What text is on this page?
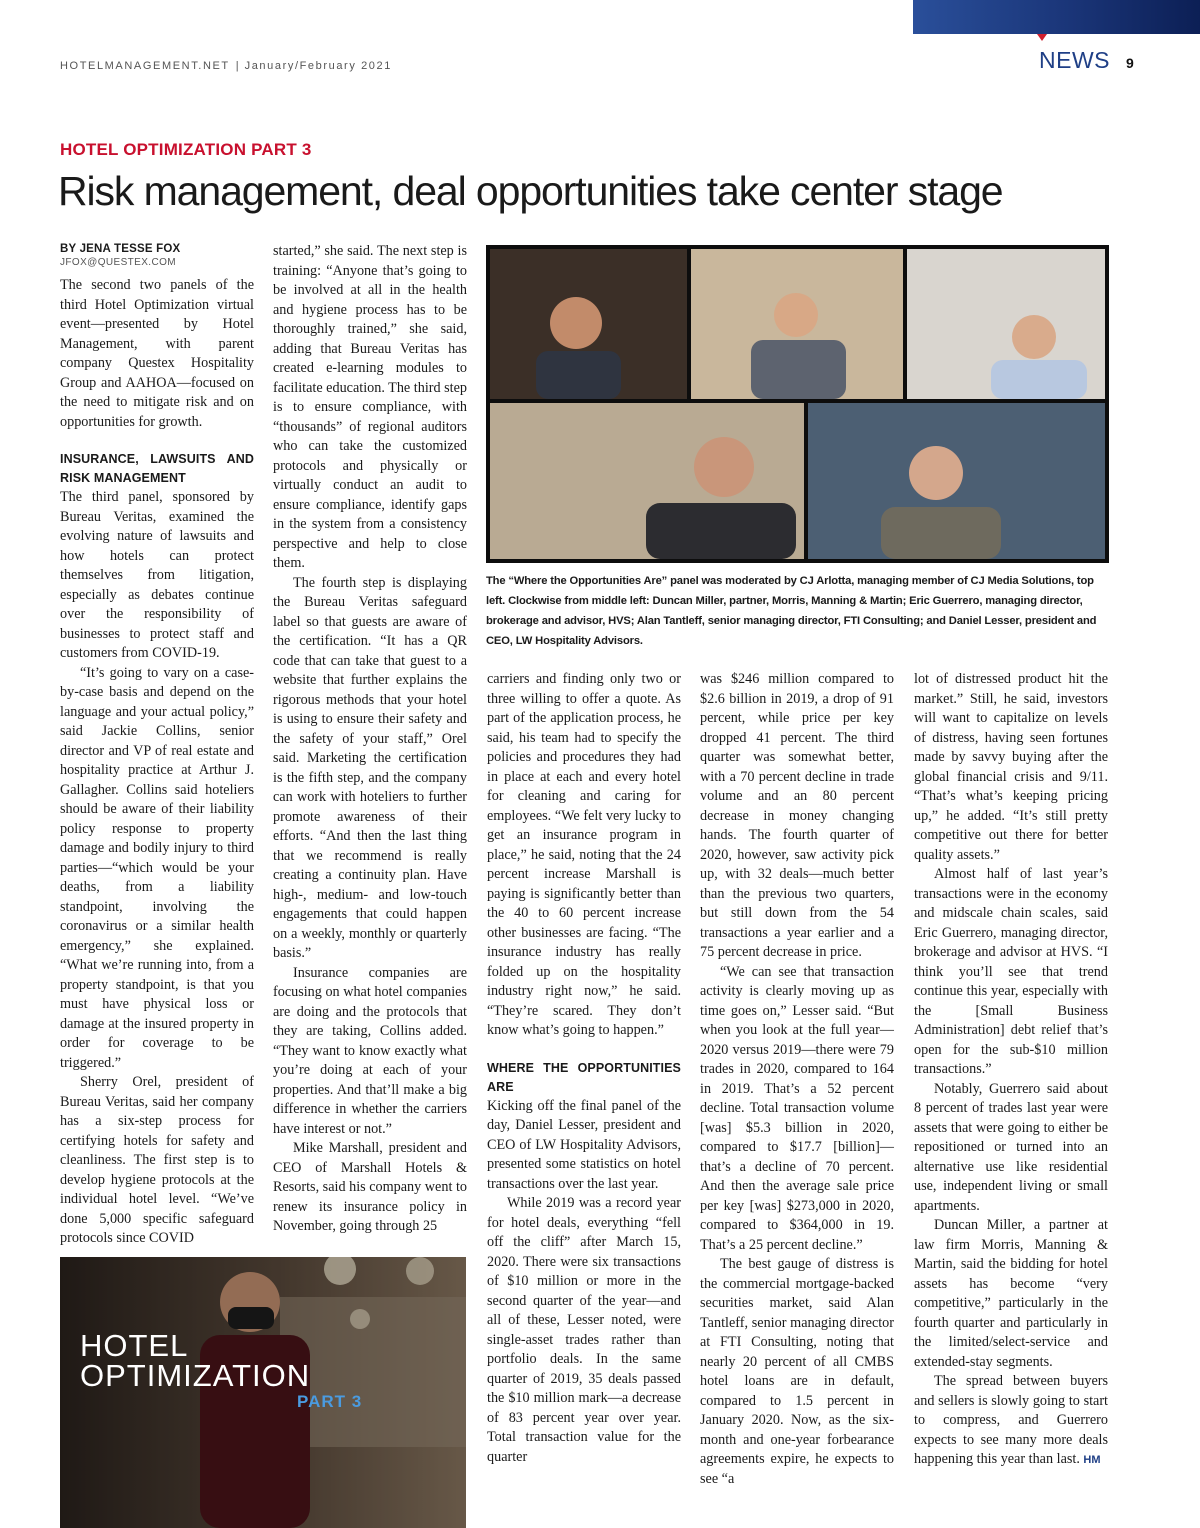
HOTELMANAGEMENT.NET | January/February 2021	NEWS 9
HOTEL OPTIMIZATION PART 3
Risk management, deal opportunities take center stage
BY JENA TESSE FOX
JFOX@QUESTEX.COM

The second two panels of the third Hotel Optimization virtual event—presented by Hotel Management, with parent company Questex Hospitality Group and AAHOA—focused on the need to mitigate risk and on opportunities for growth.

INSURANCE, LAWSUITS AND RISK MANAGEMENT

The third panel, sponsored by Bureau Veritas, examined the evolving nature of lawsuits and how hotels can protect themselves from litigation, especially as debates continue over the responsibility of businesses to protect staff and customers from COVID-19.

“It’s going to vary on a case-by-case basis and depend on the language and your actual policy,” said Jackie Collins, senior director and VP of real estate and hospitality practice at Arthur J. Gallagher. Collins said hoteliers should be aware of their liability policy response to property damage and bodily injury to third parties—“which would be your deaths, from a liability standpoint, involving the coronavirus or a similar health emergency,” she explained. “What we’re running into, from a property standpoint, is that you must have physical loss or damage at the insured property in order for coverage to be triggered.”

Sherry Orel, president of Bureau Veritas, said her company has a six-step process for certifying hotels for safety and cleanliness. The first step is to develop hygiene protocols at the individual hotel level. “We’ve done 5,000 specific safeguard protocols since COVID

started,” she said. The next step is training: “Anyone that’s going to be involved at all in the health and hygiene process has to be thoroughly trained,” she said, adding that Bureau Veritas has created e-learning modules to facilitate education. The third step is to ensure compliance, with “thousands” of regional auditors who can take the customized protocols and physically or virtually conduct an audit to ensure compliance, identify gaps in the system from a consistency perspective and help to close them.

The fourth step is displaying the Bureau Veritas safeguard label so that guests are aware of the certification. “It has a QR code that can take that guest to a website that further explains the rigorous methods that your hotel is using to ensure their safety and the safety of your staff,” Orel said. Marketing the certification is the fifth step, and the company can work with hoteliers to further promote awareness of their efforts. “And then the last thing that we recommend is really creating a continuity plan. Have high-, medium- and low-touch engagements that could happen on a weekly, monthly or quarterly basis.”

Insurance companies are focusing on what hotel companies are doing and the protocols that they are taking, Collins added. “They want to know exactly what you’re doing at each of your properties. And that’ll make a big difference in whether the carriers have interest or not.”

Mike Marshall, president and CEO of Marshall Hotels & Resorts, said his company went to renew its insurance policy in November, going through 25

The “Where the Opportunities Are” panel was moderated by CJ Arlotta, managing member of CJ Media Solutions, top left. Clockwise from middle left: Duncan Miller, partner, Morris, Manning & Martin; Eric Guerrero, managing director, brokerage and advisor, HVS; Alan Tantleff, senior managing director, FTI Consulting; and Daniel Lesser, president and CEO, LW Hospitality Advisors.

carriers and finding only two or three willing to offer a quote. As part of the application process, he said, his team had to specify the policies and procedures they had in place at each and every hotel for cleaning and caring for employees. “We felt very lucky to get an insurance program in place,” he said, noting that the 24 percent increase Marshall is paying is significantly better than the 40 to 60 percent increase other businesses are facing. “The insurance industry has really folded up on the hospitality industry right now,” he said. “They’re scared. They don’t know what’s going to happen.”

WHERE THE OPPORTUNITIES ARE

Kicking off the final panel of the day, Daniel Lesser, president and CEO of LW Hospitality Advisors, presented some statistics on hotel transactions over the last year.

While 2019 was a record year for hotel deals, everything “fell off the cliff” after March 15, 2020. There were six transactions of $10 million or more in the second quarter of the year—and all of these, Lesser noted, were single-asset trades rather than portfolio deals. In the same quarter of 2019, 35 deals passed the $10 million mark—a decrease of 83 percent year over year. Total transaction value for the quarter

was $246 million compared to $2.6 billion in 2019, a drop of 91 percent, while price per key dropped 41 percent. The third quarter was somewhat better, with a 70 percent decline in trade volume and an 80 percent decrease in money changing hands. The fourth quarter of 2020, however, saw activity pick up, with 32 deals—much better than the previous two quarters, but still down from the 54 transactions a year earlier and a 75 percent decrease in price.

“We can see that transaction activity is clearly moving up as time goes on,” Lesser said. “But when you look at the full year—2020 versus 2019—there were 79 trades in 2020, compared to 164 in 2019. That’s a 52 percent decline. Total transaction volume [was] $5.3 billion in 2020, compared to $17.7 [billion]—that’s a decline of 70 percent. And then the average sale price per key [was] $273,000 in 2020, compared to $364,000 in 19. That’s a 25 percent decline.”

The best gauge of distress is the commercial mortgage-backed securities market, said Alan Tantleff, senior managing director at FTI Consulting, noting that nearly 20 percent of all CMBS hotel loans are in default, compared to 1.5 percent in January 2020. Now, as the six-month and one-year forbearance agreements expire, he expects to see “a

lot of distressed product hit the market.” Still, he said, investors will want to capitalize on levels of distress, having seen fortunes made by savvy buying after the global financial crisis and 9/11. “That’s what’s keeping pricing up,” he added. “It’s still pretty competitive out there for better quality assets.”

Almost half of last year’s transactions were in the economy and midscale chain scales, said Eric Guerrero, managing director, brokerage and advisor at HVS. “I think you’ll see that trend continue this year, especially with the [Small Business Administration] debt relief that’s open for the sub-$10 million transactions.”

Notably, Guerrero said about 8 percent of trades last year were assets that were going to either be repositioned or turned into an alternative use like residential use, independent living or small apartments.

Duncan Miller, a partner at law firm Morris, Manning & Martin, said the bidding for hotel assets has become “very competitive,” particularly in the fourth quarter and particularly in the limited/select-service and extended-stay segments.

The spread between buyers and sellers is slowly going to start to compress, and Guerrero expects to see many more deals happening this year than last. HM

HOTEL
OPTIMIZATION
PART 3
